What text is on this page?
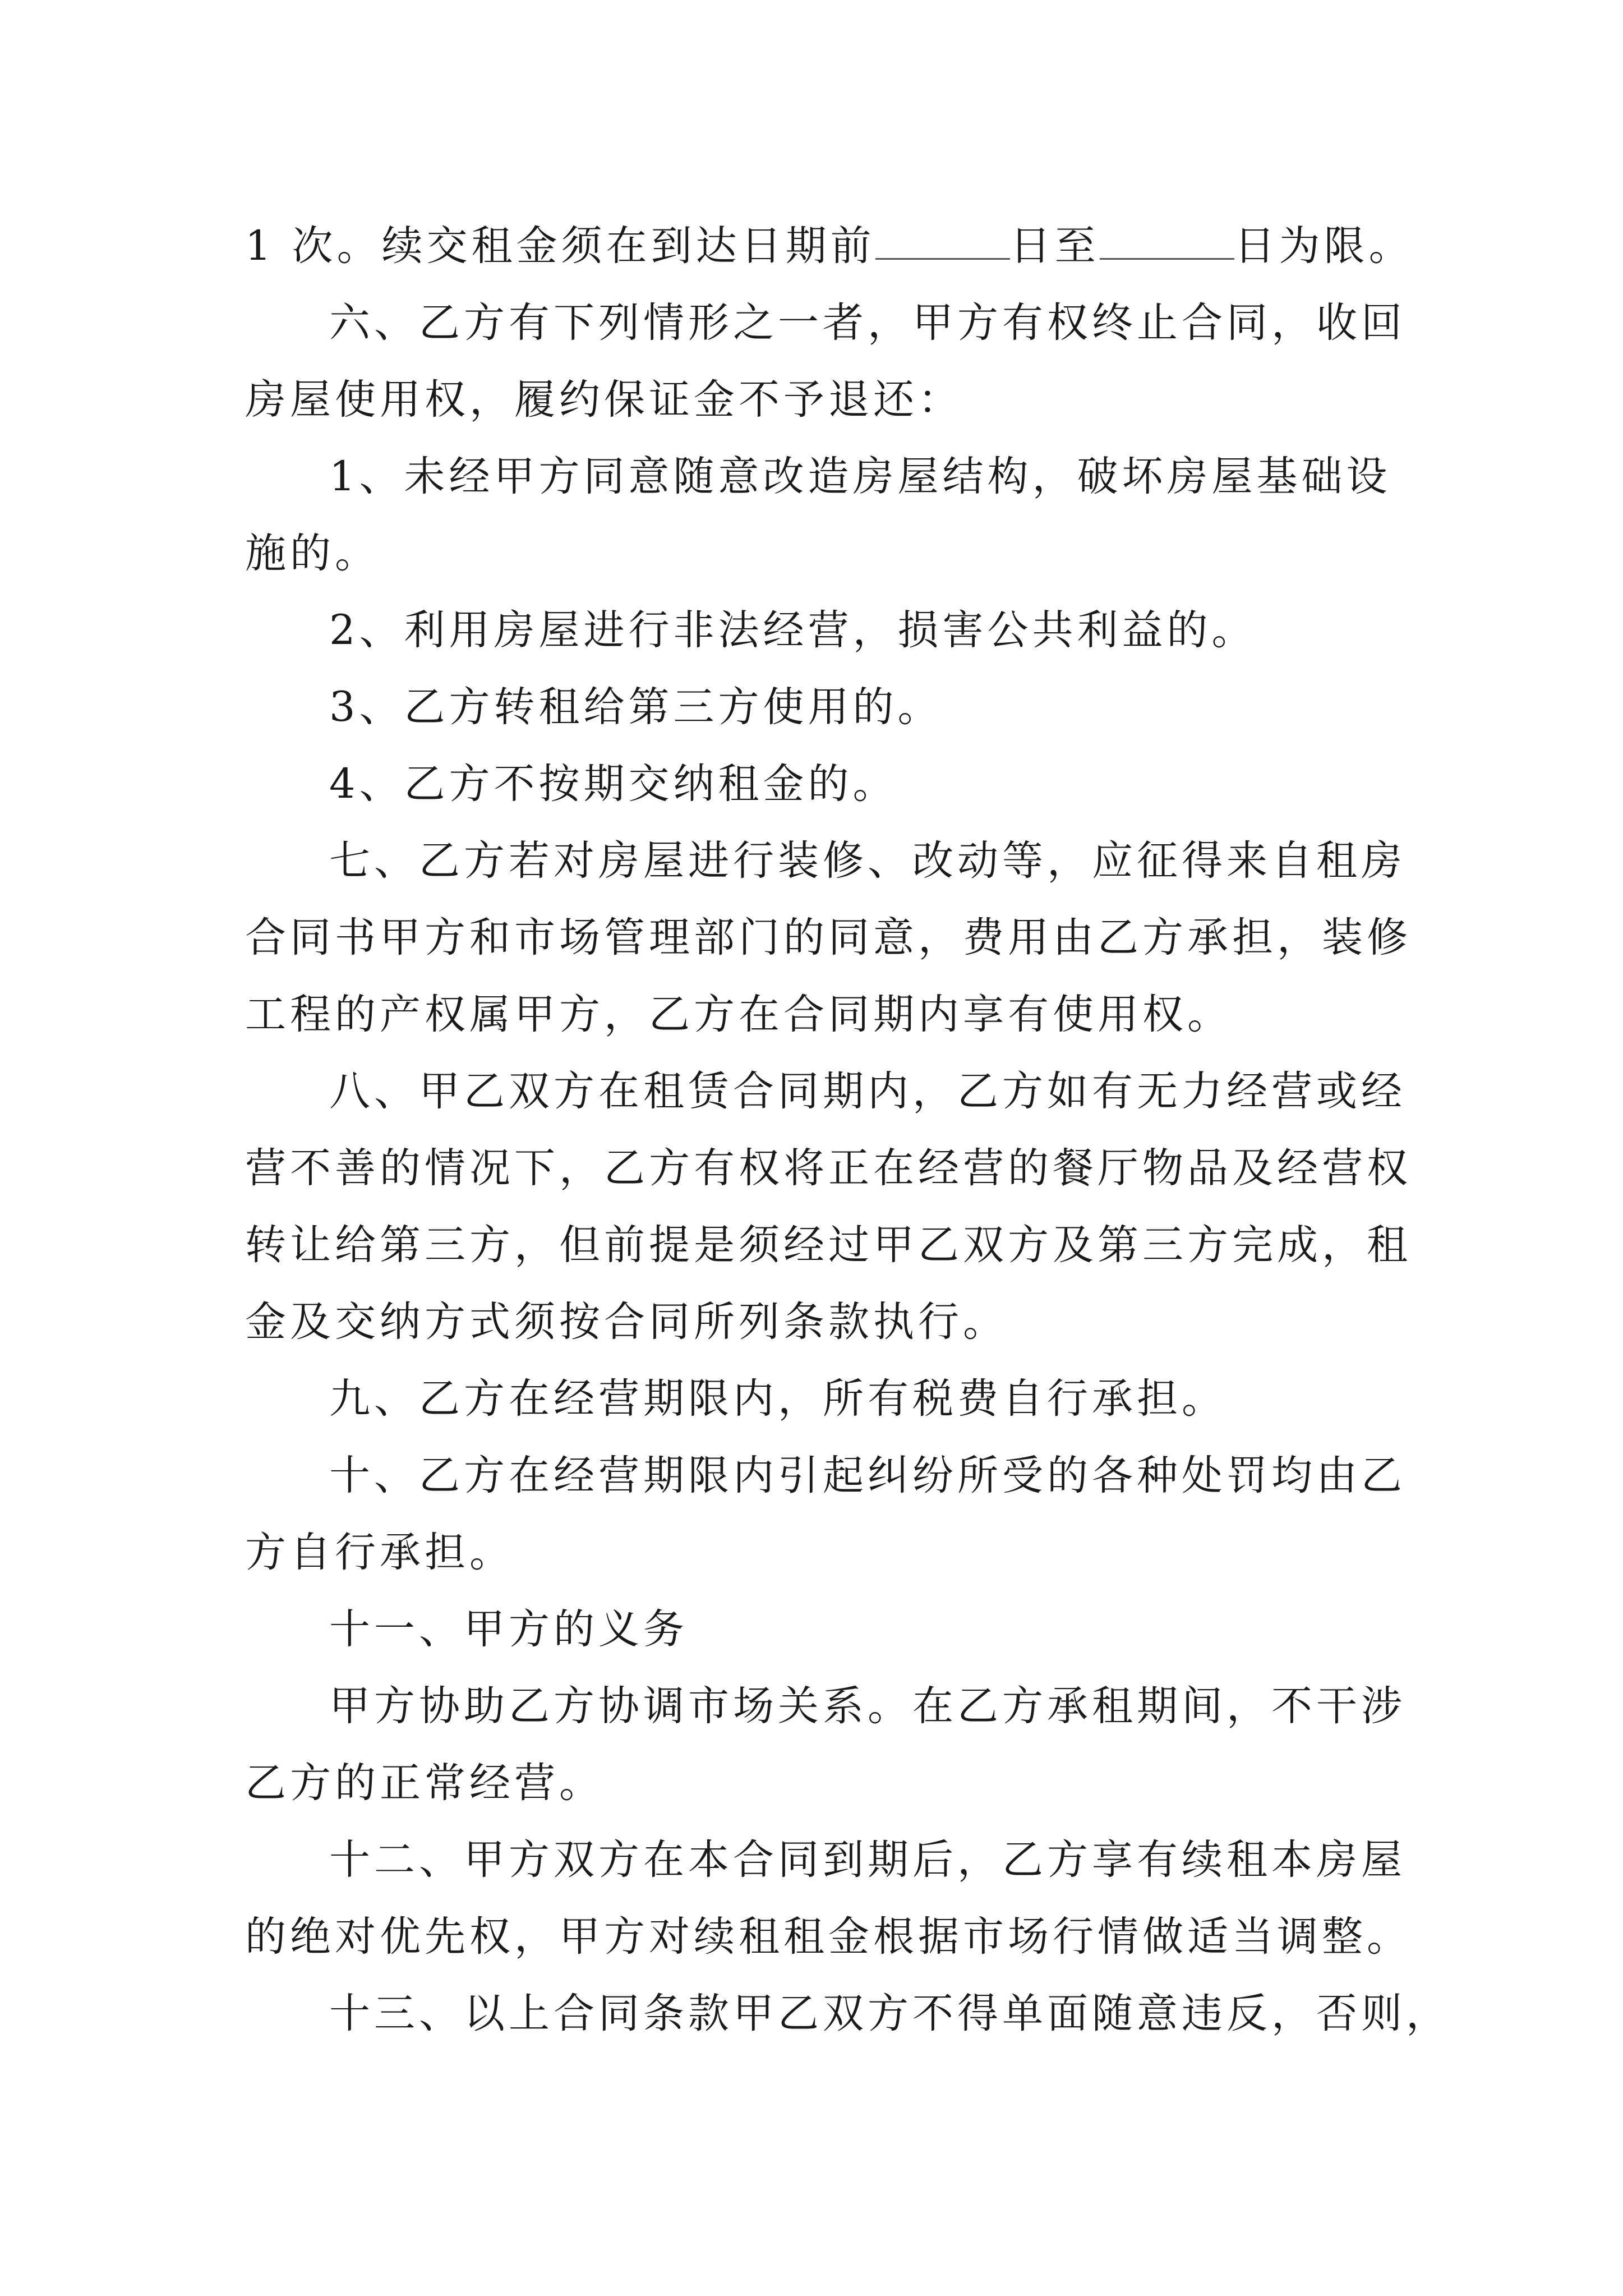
1 次。续交租金须在到达日期前	日至	日为限。
六、乙方有下列情形之一者，甲方有权终止合同，收回
房屋使用权，履约保证金不予退还：
1、未经甲方同意随意改造房屋结构，破坏房屋基础设
施的。
2、利用房屋进行非法经营，损害公共利益的。
3、乙方转租给第三方使用的。
4、乙方不按期交纳租金的。
七、乙方若对房屋进行装修、改动等，应征得来自租房
合同书甲方和市场管理部门的同意，费用由乙方承担，装修
工程的产权属甲方，乙方在合同期内享有使用权。
八、甲乙双方在租赁合同期内，乙方如有无力经营或经
营不善的情况下，乙方有权将正在经营的餐厅物品及经营权
转让给第三方，但前提是须经过甲乙双方及第三方完成，租
金及交纳方式须按合同所列条款执行。
九、乙方在经营期限内，所有税费自行承担。
十、乙方在经营期限内引起纠纷所受的各种处罚均由乙
方自行承担。
十一、甲方的义务
甲方协助乙方协调市场关系。在乙方承租期间，不干涉
乙方的正常经营。
十二、甲方双方在本合同到期后，乙方享有续租本房屋
的绝对优先权，甲方对续租租金根据市场行情做适当调整。
十三、以上合同条款甲乙双方不得单面随意违反，否则，
